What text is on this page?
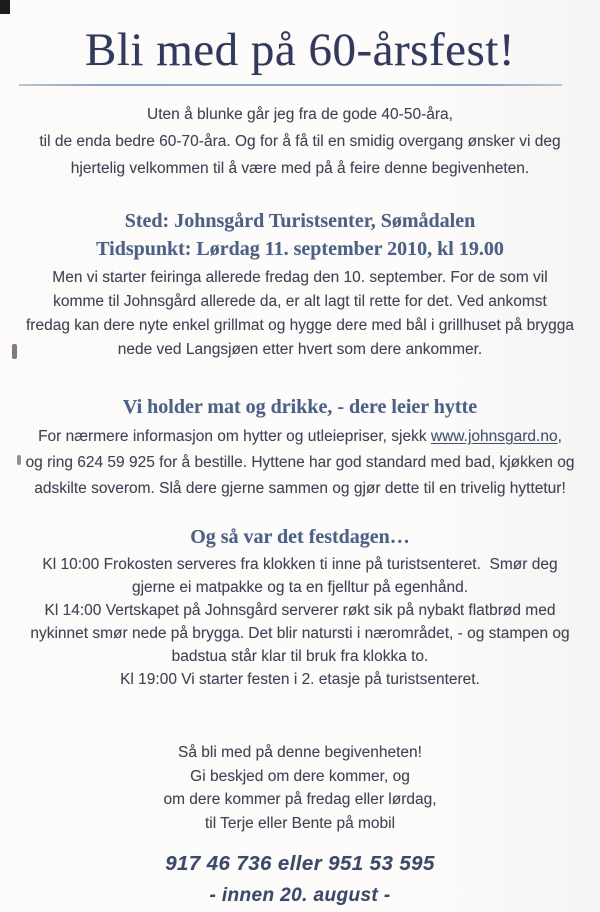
Bli med på 60-årsfest!
Uten å blunke går jeg fra de gode 40-50-åra,
til de enda bedre 60-70-åra. Og for å få til en smidig overgang ønsker vi deg
hjertelig velkommen til å være med på å feire denne begivenheten.
Sted: Johnsgård Turistsenter, Sømådalen
Tidspunkt: Lørdag 11. september 2010, kl 19.00
Men vi starter feiringa allerede fredag den 10. september. For de som vil
komme til Johnsgård allerede da, er alt lagt til rette for det. Ved ankomst
fredag kan dere nyte enkel grillmat og hygge dere med bål i grillhuset på brygga
nede ved Langsjøen etter hvert som dere ankommer.
Vi holder mat og drikke, - dere leier hytte
For nærmere informasjon om hytter og utleiepriser, sjekk www.johnsgard.no,
og ring 624 59 925 for å bestille. Hyttene har god standard med bad, kjøkken og
adskilte soverom. Slå dere gjerne sammen og gjør dette til en trivelig hyttetur!
Og så var det festdagen…
Kl 10:00 Frokosten serveres fra klokken ti inne på turistsenteret.  Smør deg
gjerne ei matpakke og ta en fjelltur på egenhånd.
Kl 14:00 Vertskapet på Johnsgård serverer røkt sik på nybakt flatbrød med
nykinnet smør nede på brygga. Det blir natursti i nærområdet, - og stampen og
badstua står klar til bruk fra klokka to.
Kl 19:00 Vi starter festen i 2. etasje på turistsenteret.
Så bli med på denne begivenheten!
Gi beskjed om dere kommer, og
om dere kommer på fredag eller lørdag,
til Terje eller Bente på mobil
917 46 736 eller 951 53 595
- innen 20. august -
